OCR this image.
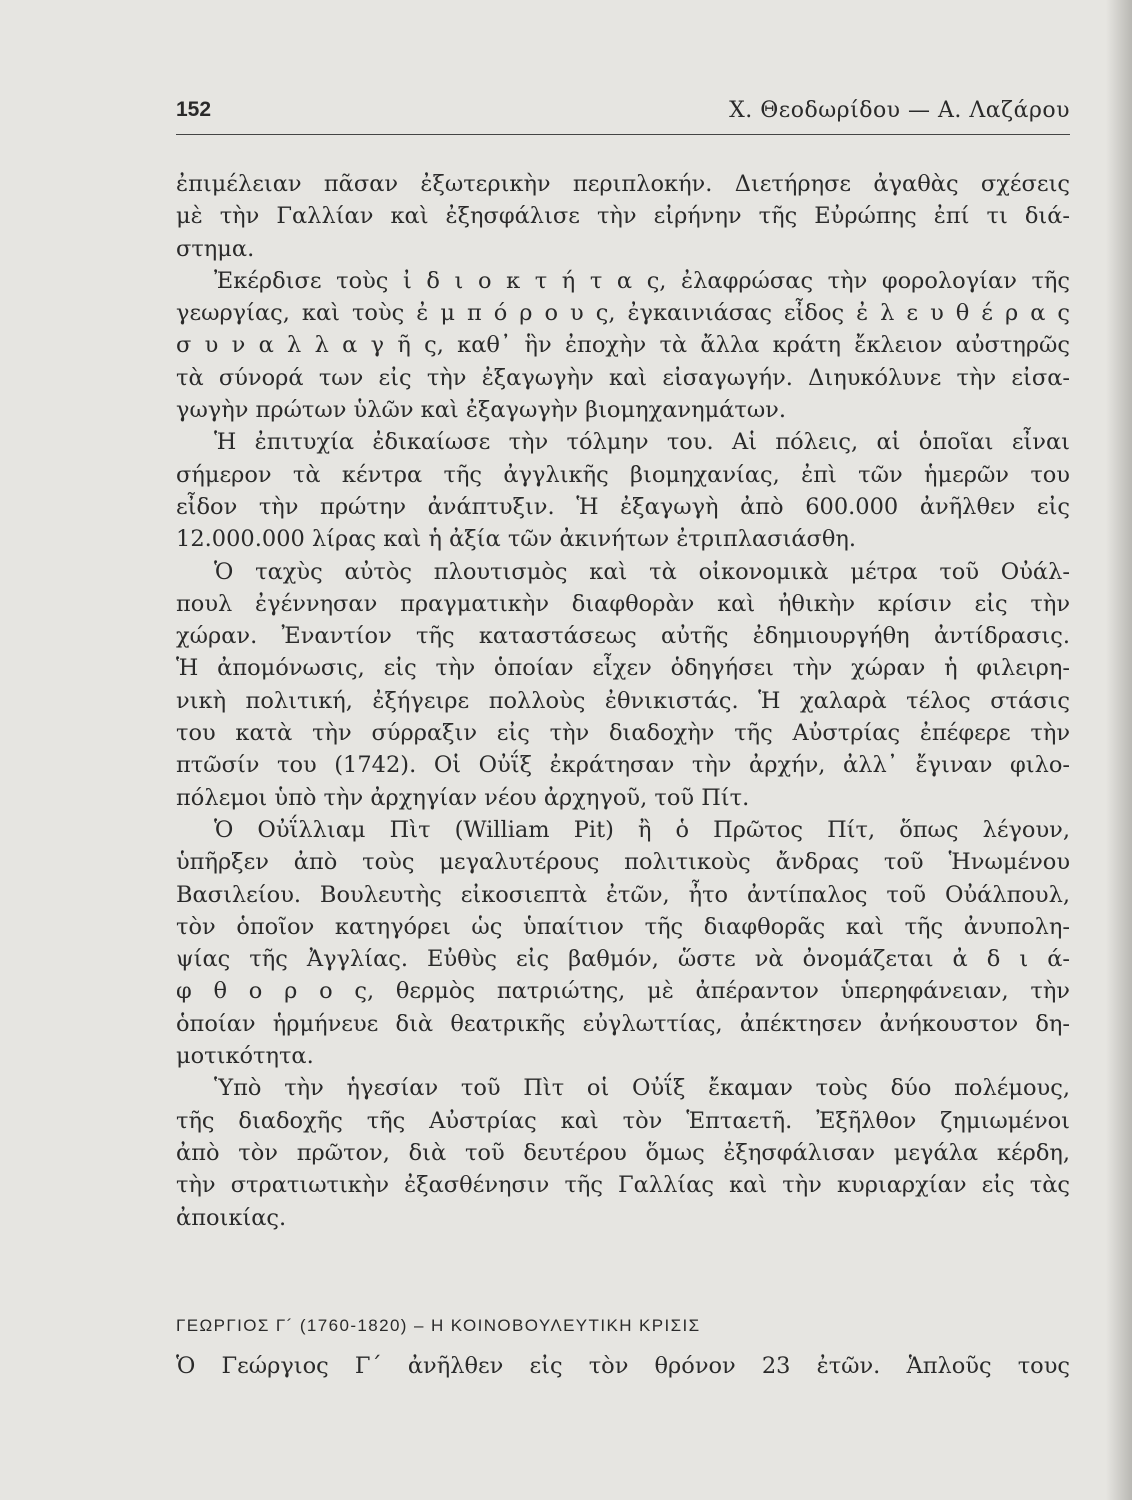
152	Χ. Θεοδωρίδου — Α. Λαζάρου
ἐπιμέλειαν πᾶσαν ἐξωτερικὴν περιπλοκήν. Διετήρησε ἀγαθὰς σχέσεις
μὲ τὴν Γαλλίαν καὶ ἐξησφάλισε τὴν εἰρήνην τῆς Εὐρώπης ἐπί τι διά-
στημα.
Ἐκέρδισε τοὺς ἰ δ ι ο κ τ ή τ α ς, ἐλαφρώσας τὴν φορολογίαν τῆς
γεωργίας, καὶ τοὺς ἐ μ π ό ρ ο υ ς, ἐγκαινιάσας εἶδος ἐ λ ε υ θ έ ρ α ς
σ υ ν α λ λ α γ ῆ ς, καθ᾽ ἣν ἐποχὴν τὰ ἄλλα κράτη ἔκλειον αὐστηρῶς
τὰ σύνορά των εἰς τὴν ἐξαγωγὴν καὶ εἰσαγωγήν. Διηυκόλυνε τὴν εἰσα-
γωγὴν πρώτων ὑλῶν καὶ ἐξαγωγὴν βιομηχανημάτων.
Ἡ ἐπιτυχία ἐδικαίωσε τὴν τόλμην του. Αἱ πόλεις, αἱ ὁποῖαι εἶναι
σήμερον τὰ κέντρα τῆς ἀγγλικῆς βιομηχανίας, ἐπὶ τῶν ἡμερῶν του
εἶδον τὴν πρώτην ἀνάπτυξιν. Ἡ ἐξαγωγὴ ἀπὸ 600.000 ἀνῆλθεν εἰς
12.000.000 λίρας καὶ ἡ ἀξία τῶν ἀκινήτων ἐτριπλασιάσθη.
Ὁ ταχὺς αὐτὸς πλουτισμὸς καὶ τὰ οἰκονομικὰ μέτρα τοῦ Οὐάλ-
πουλ ἐγέννησαν πραγματικὴν διαφθορὰν καὶ ἠθικὴν κρίσιν εἰς τὴν
χώραν. Ἐναντίον τῆς καταστάσεως αὐτῆς ἐδημιουργήθη ἀντίδρασις.
Ἡ ἀπομόνωσις, εἰς τὴν ὁποίαν εἶχεν ὁδηγήσει τὴν χώραν ἡ φιλειρη-
νικὴ πολιτική, ἐξήγειρε πολλοὺς ἐθνικιστάς. Ἡ χαλαρὰ τέλος στάσις
του κατὰ τὴν σύρραξιν εἰς τὴν διαδοχὴν τῆς Αὐστρίας ἐπέφερε τὴν
πτῶσίν του (1742). Οἱ Οὐΐξ ἐκράτησαν τὴν ἀρχήν, ἀλλ᾽ ἔγιναν φιλο-
πόλεμοι ὑπὸ τὴν ἀρχηγίαν νέου ἀρχηγοῦ, τοῦ Πίτ.
Ὁ Οὐΐλλιαμ Πὶτ (William Pit) ἢ ὁ Πρῶτος Πίτ, ὅπως λέγουν,
ὑπῆρξεν ἀπὸ τοὺς μεγαλυτέρους πολιτικοὺς ἄνδρας τοῦ Ἡνωμένου
Βασιλείου. Βουλευτὴς εἰκοσιεπτὰ ἐτῶν, ἦτο ἀντίπαλος τοῦ Οὐάλπουλ,
τὸν ὁποῖον κατηγόρει ὡς ὑπαίτιον τῆς διαφθορᾶς καὶ τῆς ἀνυπολη-
ψίας τῆς Ἀγγλίας. Εὐθὺς εἰς βαθμόν, ὥστε νὰ ὀνομάζεται ἀ δ ι ά-
φ θ ο ρ ο ς, θερμὸς πατριώτης, μὲ ἀπέραντον ὑπερηφάνειαν, τὴν
ὁποίαν ἡρμήνευε διὰ θεατρικῆς εὐγλωττίας, ἀπέκτησεν ἀνήκουστον δη-
μοτικότητα.
Ὑπὸ τὴν ἡγεσίαν τοῦ Πὶτ οἱ Οὐΐξ ἔκαμαν τοὺς δύο πολέμους,
τῆς διαδοχῆς τῆς Αὐστρίας καὶ τὸν Ἑπταετῆ. Ἐξῆλθον ζημιωμένοι
ἀπὸ τὸν πρῶτον, διὰ τοῦ δευτέρου ὅμως ἐξησφάλισαν μεγάλα κέρδη,
τὴν στρατιωτικὴν ἐξασθένησιν τῆς Γαλλίας καὶ τὴν κυριαρχίαν εἰς τὰς
ἀποικίας.
ΓΕΩΡΓΙΟΣ Γ´ (1760-1820) – Η ΚΟΙΝΟΒΟΥΛΕΥΤΙΚΗ ΚΡΙΣΙΣ
Ὁ Γεώργιος Γ´ ἀνῆλθεν εἰς τὸν θρόνον 23 ἐτῶν. Ἁπλοῦς τους
